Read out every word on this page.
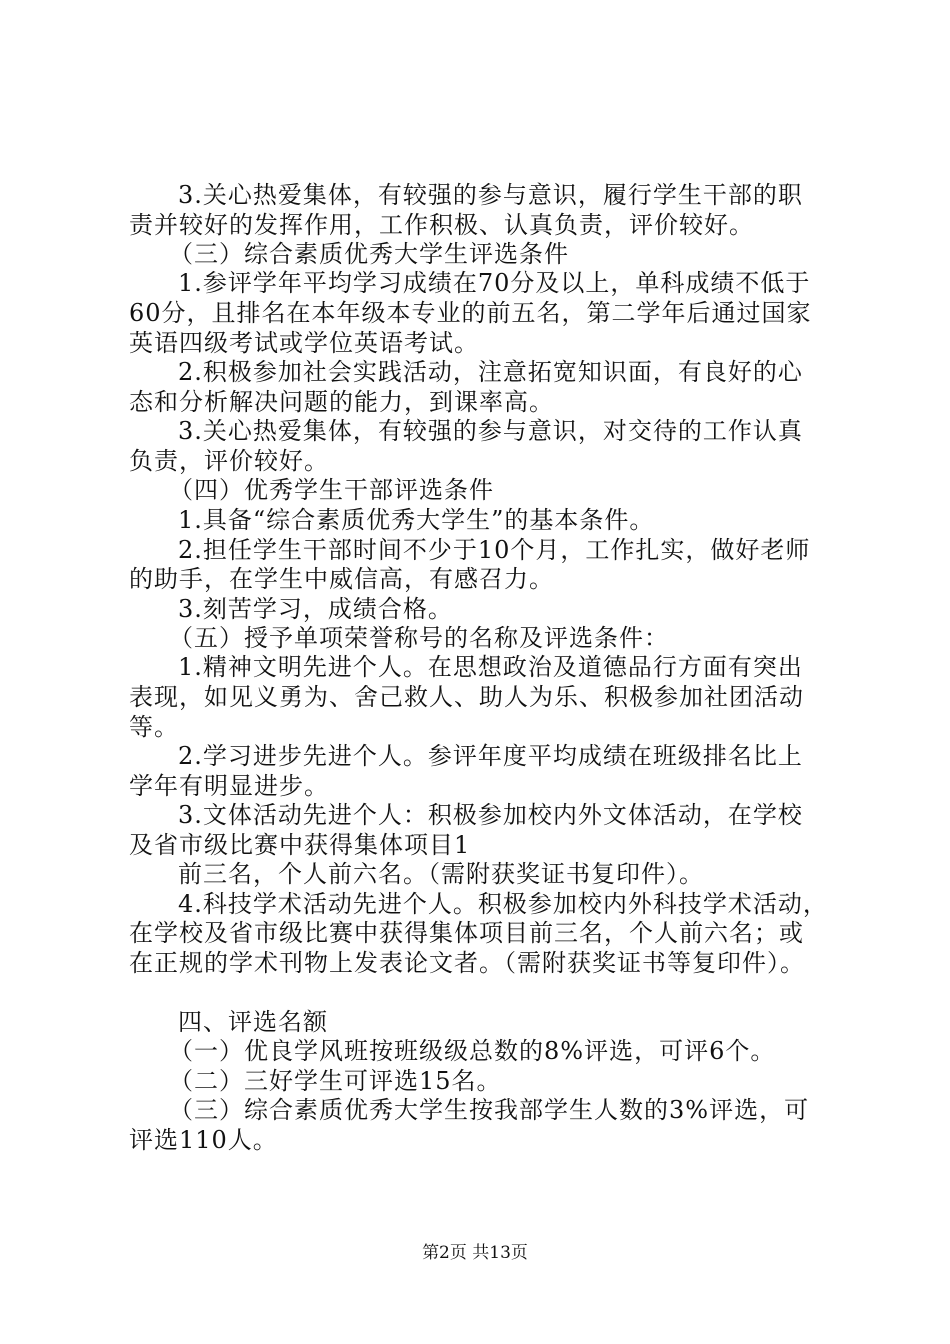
3.关心热爱集体，有较强的参与意识，履行学生干部的职
责并较好的发挥作用，工作积极、认真负责，评价较好。
（三）综合素质优秀大学生评选条件
1.参评学年平均学习成绩在70分及以上，单科成绩不低于
60分，且排名在本年级本专业的前五名，第二学年后通过国家
英语四级考试或学位英语考试。
2.积极参加社会实践活动，注意拓宽知识面，有良好的心
态和分析解决问题的能力，到课率高。
3.关心热爱集体，有较强的参与意识，对交待的工作认真
负责，评价较好。
（四）优秀学生干部评选条件
1.具备“综合素质优秀大学生”的基本条件。
2.担任学生干部时间不少于10个月，工作扎实，做好老师
的助手，在学生中威信高，有感召力。
3.刻苦学习，成绩合格。
（五）授予单项荣誉称号的名称及评选条件：
1.精神文明先进个人。在思想政治及道德品行方面有突出
表现，如见义勇为、舍己救人、助人为乐、积极参加社团活动
等。
2.学习进步先进个人。参评年度平均成绩在班级排名比上
学年有明显进步。
3.文体活动先进个人：积极参加校内外文体活动，在学校
及省市级比赛中获得集体项目1
前三名，个人前六名。（需附获奖证书复印件）。
4.科技学术活动先进个人。积极参加校内外科技学术活动，
在学校及省市级比赛中获得集体项目前三名，个人前六名；或
在正规的学术刊物上发表论文者。（需附获奖证书等复印件）。
四、评选名额
（一）优良学风班按班级级总数的8%评选，可评6个。
（二）三好学生可评选15名。
（三）综合素质优秀大学生按我部学生人数的3%评选，可
评选110人。
第2页 共13页
